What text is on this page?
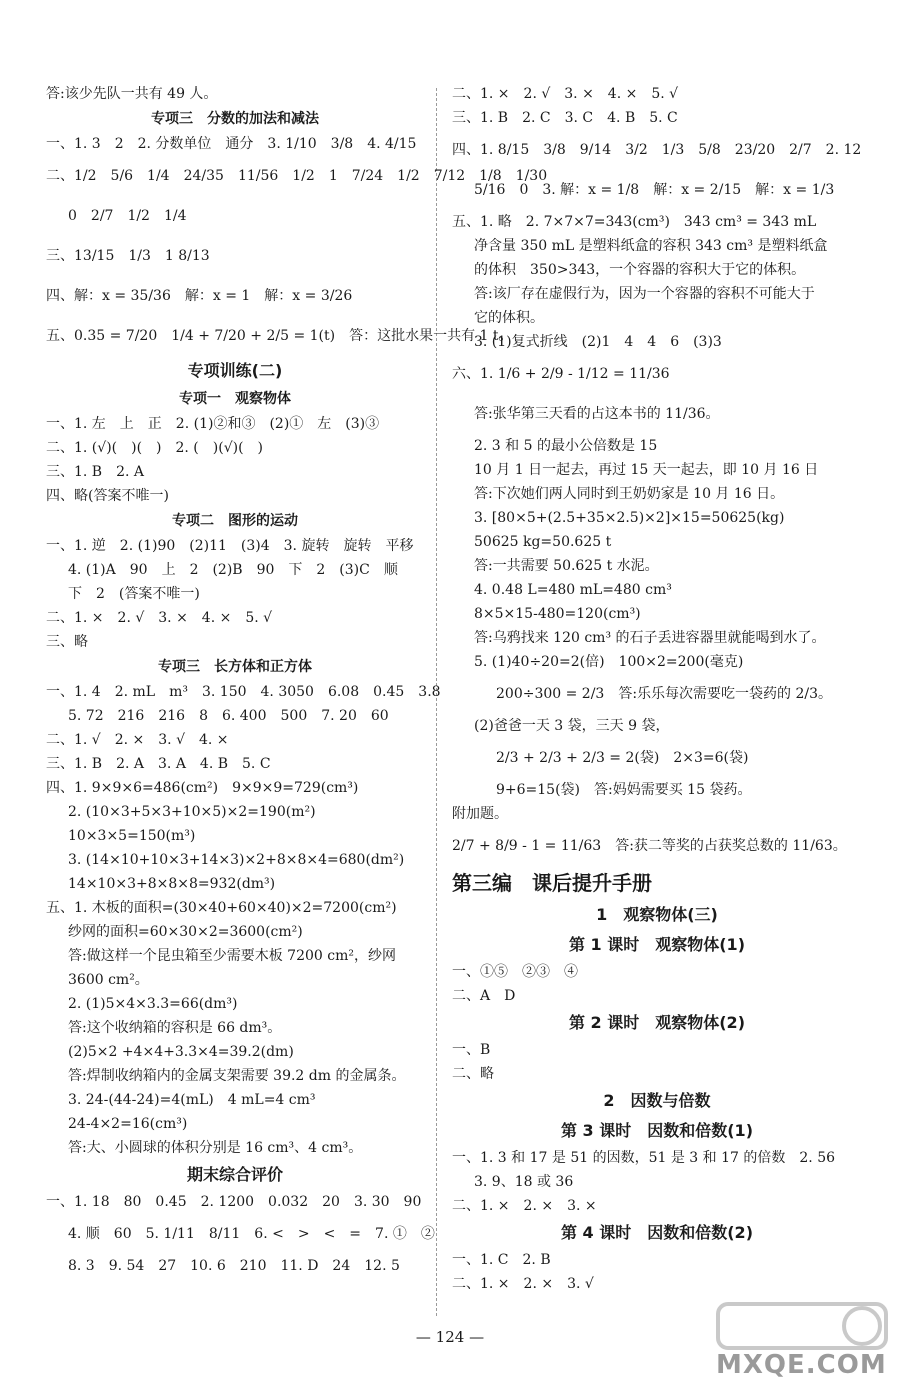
答:该少先队一共有 49 人。
专项三　分数的加法和减法
一、1. 3　2　2. 分数单位　通分　3. 1/10　3/8　4. 4/15
二、1/2　5/6　1/4　24/35　11/56　1/2　1　7/24　1/2　7/12　1/8　1/30
0　2/7　1/2　1/4
三、13/15　1/3　1 8/13
四、解：x = 35/36　解：x = 1　解：x = 3/26
五、0.35 = 7/20　1/4 + 7/20 + 2/5 = 1(t)　答：这批水果一共有 1 t。
专项训练(二)
专项一　观察物体
一、1. 左　上　正　2. (1)②和③　(2)①　左　(3)③
二、1. (√)(　)(　)　2. (　)(√)(　)
三、1. B　2. A
四、略(答案不唯一)
专项二　图形的运动
一、1. 逆　2. (1)90　(2)11　(3)4　3. 旋转　旋转　平移
4. (1)A　90　上　2　(2)B　90　下　2　(3)C　顺
下　2　(答案不唯一)
二、1. ×　2. √　3. ×　4. ×　5. √
三、略
专项三　长方体和正方体
一、1. 4　2. mL　m³　3. 150　4. 3050　6.08　0.45　3.8
5. 72　216　216　8　6. 400　500　7. 20　60
二、1. √　2. ×　3. √　4. ×
三、1. B　2. A　3. A　4. B　5. C
四、1. 9×9×6=486(cm²)　9×9×9=729(cm³)
2. (10×3+5×3+10×5)×2=190(m²)
10×3×5=150(m³)
3. (14×10+10×3+14×3)×2+8×8×4=680(dm²)
14×10×3+8×8×8=932(dm³)
五、1. 木板的面积=(30×40+60×40)×2=7200(cm²)
纱网的面积=60×30×2=3600(cm²)
答:做这样一个昆虫箱至少需要木板 7200 cm²，纱网
3600 cm²。
2. (1)5×4×3.3=66(dm³)
答:这个收纳箱的容积是 66 dm³。
(2)5×2 +4×4+3.3×4=39.2(dm)
答:焊制收纳箱内的金属支架需要 39.2 dm 的金属条。
3. 24-(44-24)=4(mL)　4 mL=4 cm³
24-4×2=16(cm³)
答:大、小圆球的体积分别是 16 cm³、4 cm³。
期末综合评价
一、1. 18　80　0.45　2. 1200　0.032　20　3. 30　90
4. 顺　60　5. 1/11　8/11　6. <　>　<　=　7. ①　②
8. 3　9. 54　27　10. 6　210　11. D　24　12. 5
二、1. ×　2. √　3. ×　4. ×　5. √
三、1. B　2. C　3. C　4. B　5. C
四、1. 8/15　3/8　9/14　3/2　1/3　5/8　23/20　2/7　2. 12
5/16　0　3. 解：x = 1/8　解：x = 2/15　解：x = 1/3
五、1. 略　2. 7×7×7=343(cm³)　343 cm³ = 343 mL
净含量 350 mL 是塑料纸盒的容积 343 cm³ 是塑料纸盒
的体积　350>343，一个容器的容积大于它的体积。
答:该厂存在虚假行为，因为一个容器的容积不可能大于
它的体积。
3. (1)复式折线　(2)1　4　4　6　(3)3
六、1. 1/6 + 2/9 - 1/12 = 11/36
答:张华第三天看的占这本书的 11/36。
2. 3 和 5 的最小公倍数是 15
10 月 1 日一起去，再过 15 天一起去，即 10 月 16 日
答:下次她们两人同时到王奶奶家是 10 月 16 日。
3. [80×5+(2.5+35×2.5)×2]×15=50625(kg)
50625 kg=50.625 t
答:一共需要 50.625 t 水泥。
4. 0.48 L=480 mL=480 cm³
8×5×15-480=120(cm³)
答:乌鸦找来 120 cm³ 的石子丢进容器里就能喝到水了。
5. (1)40÷20=2(倍)　100×2=200(毫克)
200÷300 = 2/3　答:乐乐每次需要吃一袋药的 2/3。
(2)爸爸一天 3 袋，三天 9 袋，
2/3 + 2/3 + 2/3 = 2(袋)　2×3=6(袋)
9+6=15(袋)　答:妈妈需要买 15 袋药。
附加题。
2/7 + 8/9 - 1 = 11/63　答:获二等奖的占获奖总数的 11/63。
第三编　课后提升手册
1　观察物体(三)
第 1 课时　观察物体(1)
一、①⑤　②③　④
二、A　D
第 2 课时　观察物体(2)
一、B
二、略
2　因数与倍数
第 3 课时　因数和倍数(1)
一、1. 3 和 17 是 51 的因数，51 是 3 和 17 的倍数　2. 56
3. 9、18 或 36
二、1. ×　2. ×　3. ×
第 4 课时　因数和倍数(2)
一、1. C　2. B
二、1. ×　2. ×　3. √
— 124 —
MXQE.COM
